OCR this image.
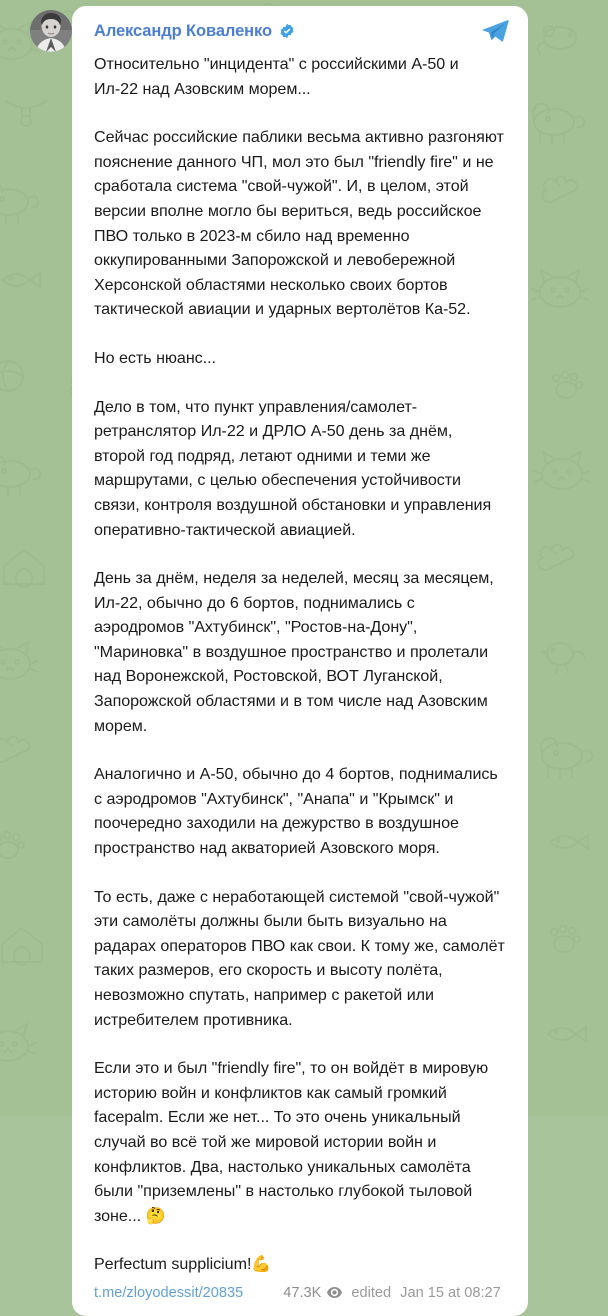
Александр Коваленко

Относительно "инцидента" с российскими А-50 и Ил-22 над Азовским морем...

Сейчас российские паблики весьма активно разгоняют пояснение данного ЧП, мол это был "friendly fire" и не сработала система "свой-чужой". И, в целом, этой версии вполне могло бы вериться, ведь российское ПВО только в 2023-м сбило над временно оккупированными Запорожской и левобережной Херсонской областями несколько своих бортов тактической авиации и ударных вертолётов Ка-52.

Но есть нюанс...

Дело в том, что пункт управления/самолет-ретранслятор Ил-22 и ДРЛО А-50 день за днём, второй год подряд, летают одними и теми же маршрутами, с целью обеспечения устойчивости связи, контроля воздушной обстановки и управления оперативно-тактической авиацией.

День за днём, неделя за неделей, месяц за месяцем, Ил-22, обычно до 6 бортов, поднимались с аэродромов "Ахтубинск", "Ростов-на-Дону", "Мариновка" в воздушное пространство и пролетали над Воронежской, Ростовской, ВОТ Луганской, Запорожской областями и в том числе над Азовским морем.

Аналогично и А-50, обычно до 4 бортов, поднимались с аэродромов "Ахтубинск", "Анапа" и "Крымск" и поочередно заходили на дежурство в воздушное пространство над акваторией Азовского моря.

То есть, даже с неработающей системой "свой-чужой" эти самолёты должны были быть визуально на радарах операторов ПВО как свои. К тому же, самолёт таких размеров, его скорость и высоту полёта, невозможно спутать, например с ракетой или истребителем противника.

Если это и был "friendly fire", то он войдёт в мировую историю войн и конфликтов как самый громкий facepalm. Если же нет... То это очень уникальный случай во всё той же мировой истории войн и конфликтов. Два, настолько уникальных самолёта были "приземлены" в настолько глубокой тыловой зоне... 🤔

Perfectum supplicium!💪

t.me/zloyodessit/20835	47.3K edited Jan 15 at 08:27
